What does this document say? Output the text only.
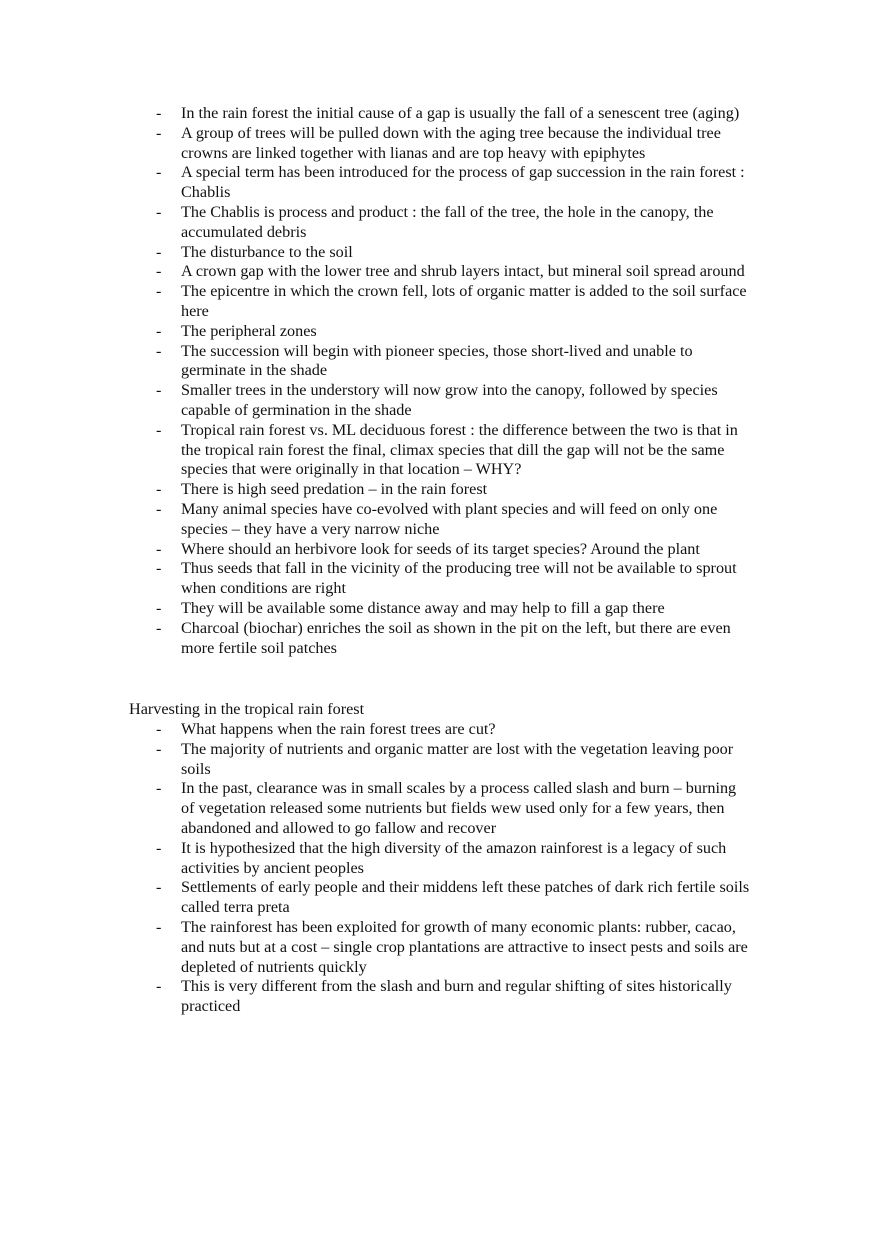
- In the rain forest the initial cause of a gap is usually the fall of a senescent tree (aging)
- A group of trees will be pulled down with the aging tree because the individual tree crowns are linked together with lianas and are top heavy with epiphytes
- A special term has been introduced for the process of gap succession in the rain forest : Chablis
- The Chablis is process and product : the fall of the tree, the hole in the canopy, the accumulated debris
- The disturbance to the soil
- A crown gap with the lower tree and shrub layers intact, but mineral soil spread around
- The epicentre in which the crown fell, lots of organic matter is added to the soil surface here
- The peripheral zones
- The succession will begin with pioneer species, those short-lived and unable to germinate in the shade
- Smaller trees in the understory will now grow into the canopy, followed by species capable of germination in the shade
- Tropical rain forest vs. ML deciduous forest : the difference between the two is that in the tropical rain forest the final, climax species that dill the gap will not be the same species that were originally in that location – WHY?
- There is high seed predation – in the rain forest
- Many animal species have co-evolved with plant species and will feed on only one species – they have a very narrow niche
- Where should an herbivore look for seeds of its target species? Around the plant
- Thus seeds that fall in the vicinity of the producing tree will not be available to sprout when conditions are right
- They will be available some distance away and may help to fill a gap there
- Charcoal (biochar) enriches the soil as shown in the pit on the left, but there are even more fertile soil patches
Harvesting in the tropical rain forest
- What happens when the rain forest trees are cut?
- The majority of nutrients and organic matter are lost with the vegetation leaving poor soils
- In the past, clearance was in small scales by a process called slash and burn – burning of vegetation released some nutrients but fields wew used only for a few years, then abandoned and allowed to go fallow and recover
- It is hypothesized that the high diversity of the amazon rainforest is a legacy of such activities by ancient peoples
- Settlements of early people and their middens left these patches of dark rich fertile soils called terra preta
- The rainforest has been exploited for growth of many economic plants: rubber, cacao, and nuts but at a cost – single crop plantations are attractive to insect pests and soils are depleted of nutrients quickly
- This is very different from the slash and burn and regular shifting of sites historically practiced
